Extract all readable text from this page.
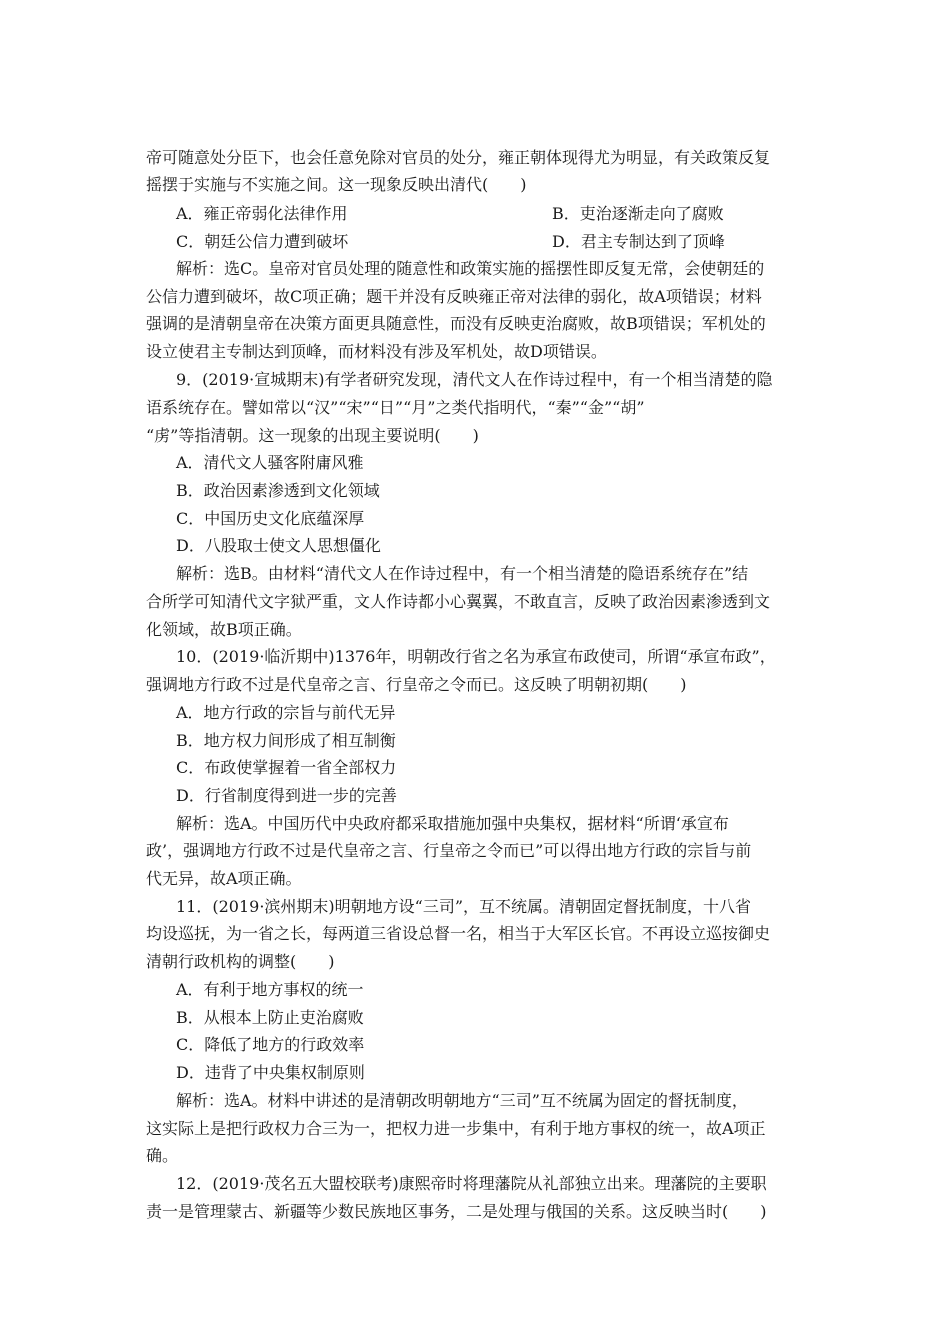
帝可随意处分臣下，也会任意免除对官员的处分，雍正朝体现得尤为明显，有关政策反复
摇摆于实施与不实施之间。这一现象反映出清代(　　)
A．雍正帝弱化法律作用	B．吏治逐渐走向了腐败
C．朝廷公信力遭到破坏	D．君主专制达到了顶峰
解析：选C。皇帝对官员处理的随意性和政策实施的摇摆性即反复无常，会使朝廷的
公信力遭到破坏，故C项正确；题干并没有反映雍正帝对法律的弱化，故A项错误；材料
强调的是清朝皇帝在决策方面更具随意性，而没有反映吏治腐败，故B项错误；军机处的
设立使君主专制达到顶峰，而材料没有涉及军机处，故D项错误。
9．(2019·宣城期末)有学者研究发现，清代文人在作诗过程中，有一个相当清楚的隐
语系统存在。譬如常以“汉”“宋”“日”“月”之类代指明代，“秦”“金”“胡”
“虏”等指清朝。这一现象的出现主要说明(　　)
A．清代文人骚客附庸风雅
B．政治因素渗透到文化领域
C．中国历史文化底蕴深厚
D．八股取士使文人思想僵化
解析：选B。由材料“清代文人在作诗过程中，有一个相当清楚的隐语系统存在”结
合所学可知清代文字狱严重，文人作诗都小心翼翼，不敢直言，反映了政治因素渗透到文
化领域，故B项正确。
10．(2019·临沂期中)1376年，明朝改行省之名为承宣布政使司，所谓“承宣布政”，
强调地方行政不过是代皇帝之言、行皇帝之令而已。这反映了明朝初期(　　)
A．地方行政的宗旨与前代无异
B．地方权力间形成了相互制衡
C．布政使掌握着一省全部权力
D．行省制度得到进一步的完善
解析：选A。中国历代中央政府都采取措施加强中央集权，据材料“所谓‘承宣布
政’，强调地方行政不过是代皇帝之言、行皇帝之令而已”可以得出地方行政的宗旨与前
代无异，故A项正确。
11．(2019·滨州期末)明朝地方设“三司”，互不统属。清朝固定督抚制度，十八省
均设巡抚，为一省之长，每两道三省设总督一名，相当于大军区长官。不再设立巡按御史
清朝行政机构的调整(　　)
A．有利于地方事权的统一
B．从根本上防止吏治腐败
C．降低了地方的行政效率
D．违背了中央集权制原则
解析：选A。材料中讲述的是清朝改明朝地方“三司”互不统属为固定的督抚制度，
这实际上是把行政权力合三为一，把权力进一步集中，有利于地方事权的统一，故A项正
确。
12．(2019·茂名五大盟校联考)康熙帝时将理藩院从礼部独立出来。理藩院的主要职
责一是管理蒙古、新疆等少数民族地区事务，二是处理与俄国的关系。这反映当时(　　)
